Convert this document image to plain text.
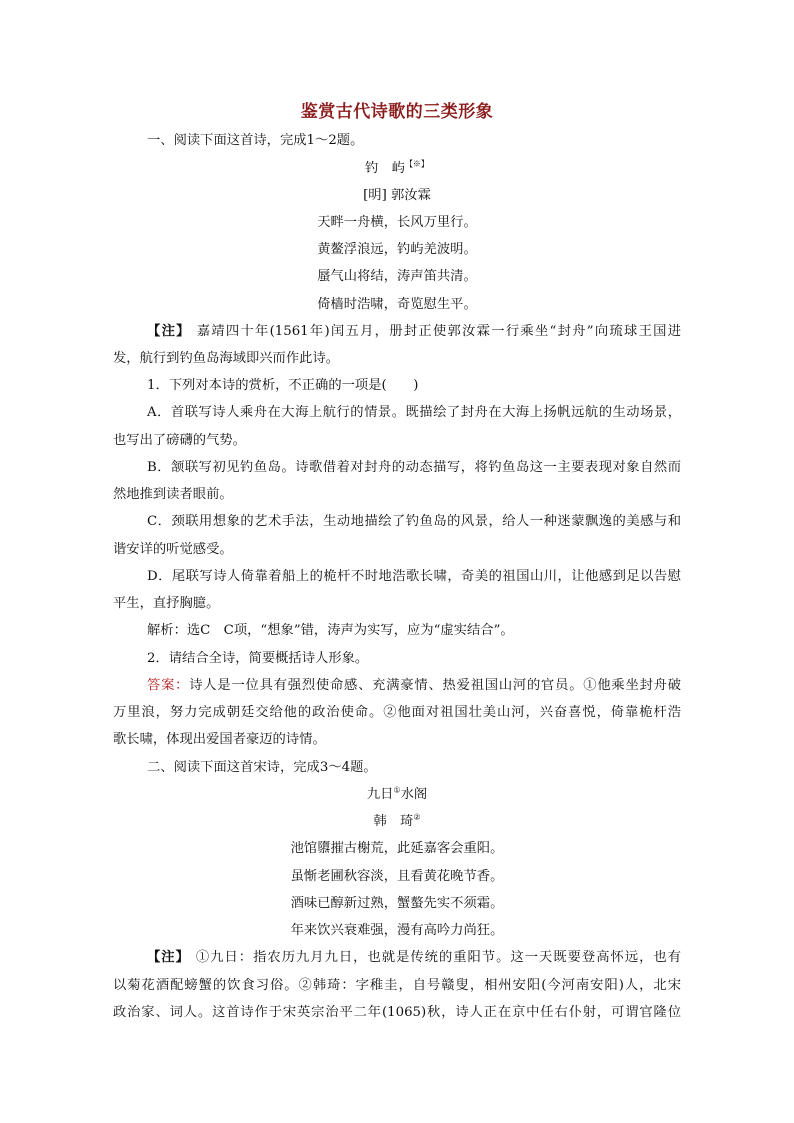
鉴赏古代诗歌的三类形象
一、阅读下面这首诗，完成1～2题。
钓　屿【※】
[明] 郭汝霖
天畔一舟横，长风万里行。
黄鳌浮浪远，钓屿羌波明。
蜃气山将结，涛声笛共清。
倚樯时浩啸，奇览慰生平。
【注】 嘉靖四十年(1561年)闰五月，册封正使郭汝霖一行乘坐“封舟”向琉球王国进
发，航行到钓鱼岛海域即兴而作此诗。
1．下列对本诗的赏析，不正确的一项是(　　)
A．首联写诗人乘舟在大海上航行的情景。既描绘了封舟在大海上扬帆远航的生动场景，
也写出了磅礴的气势。
B．颔联写初见钓鱼岛。诗歌借着对封舟的动态描写，将钓鱼岛这一主要表现对象自然而
然地推到读者眼前。
C．颈联用想象的艺术手法，生动地描绘了钓鱼岛的风景，给人一种迷蒙飘逸的美感与和
谐安详的听觉感受。
D．尾联写诗人倚靠着船上的桅杆不时地浩歌长啸，奇美的祖国山川，让他感到足以告慰
平生，直抒胸臆。
解析：选C　C项，“想象”错，涛声为实写，应为“虚实结合”。
2．请结合全诗，简要概括诗人形象。
答案：诗人是一位具有强烈使命感、充满豪情、热爱祖国山河的官员。①他乘坐封舟破
万里浪，努力完成朝廷交给他的政治使命。②他面对祖国壮美山河，兴奋喜悦，倚靠桅杆浩
歌长啸，体现出爱国者豪迈的诗情。
二、阅读下面这首宋诗，完成3～4题。
九日①水阁
韩　琦②
池馆隳摧古榭荒，此延嘉客会重阳。
虽惭老圃秋容淡，且看黄花晚节香。
酒味已醇新过熟，蟹螯先实不须霜。
年来饮兴衰难强，漫有高吟力尚狂。
【注】 ①九日：指农历九月九日，也就是传统的重阳节。这一天既要登高怀远，也有
以菊花酒配螃蟹的饮食习俗。②韩琦：字稚圭，自号赣叟，相州安阳(今河南安阳)人，北宋
政治家、词人。这首诗作于宋英宗治平二年(1065)秋，诗人正在京中任右仆射，可谓官隆位
